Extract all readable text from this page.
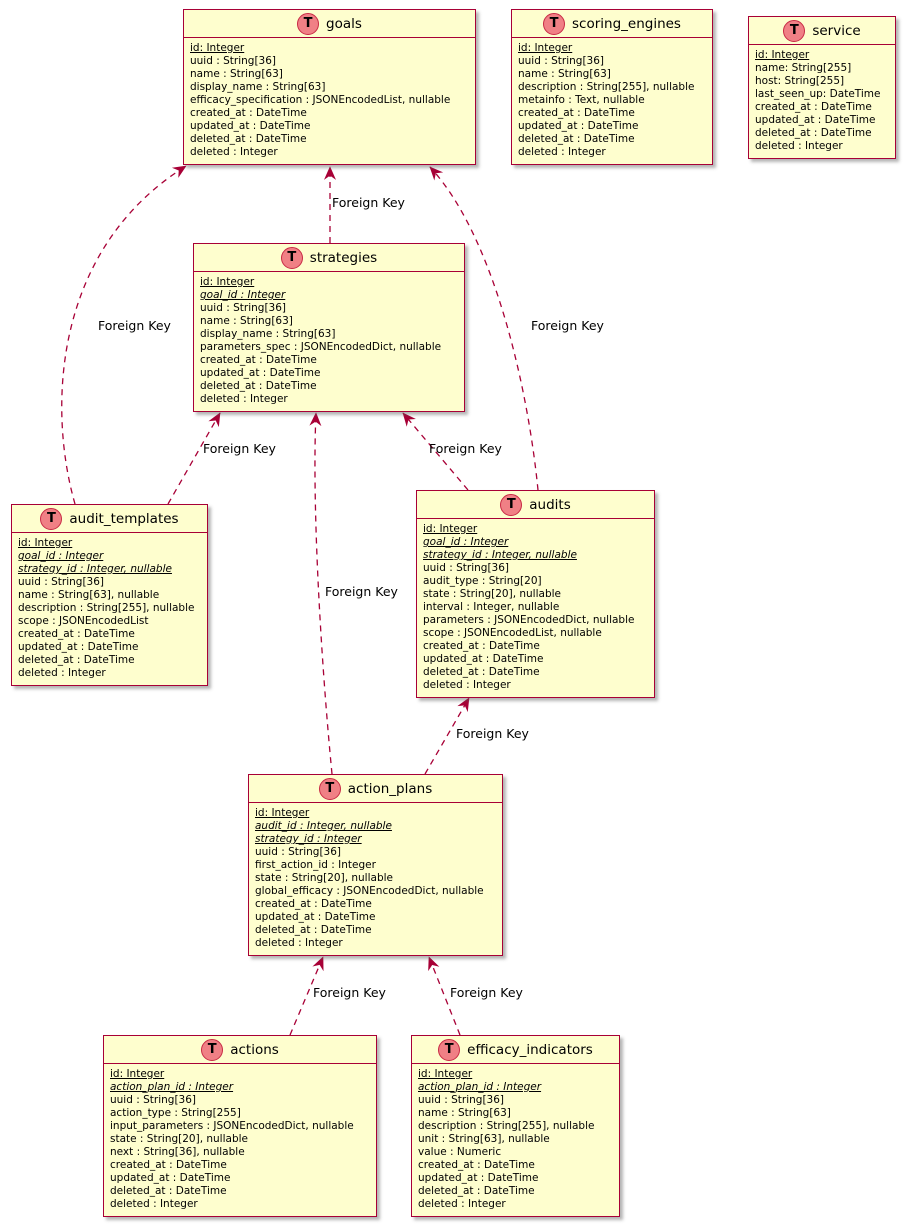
Foreign Key
Foreign Key	Foreign Key
Foreign Key	Foreign Key
Foreign Key
Foreign Key
Foreign Key	Foreign Key
T	goals
id: Integer
uuid : String[36]
name : String[63]
display_name : String[63]
efficacy_specification : JSONEncodedList, nullable
created_at : DateTime
updated_at : DateTime
deleted_at : DateTime
deleted : Integer
T	scoring_engines
id: Integer
uuid : String[36]
name : String[63]
description : String[255], nullable
metainfo : Text, nullable
created_at : DateTime
updated_at : DateTime
deleted_at : DateTime
deleted : Integer
T	service
id: Integer
name: String[255]
host: String[255]
last_seen_up: DateTime
created_at : DateTime
updated_at : DateTime
deleted_at : DateTime
deleted : Integer
T	strategies
id: Integer
goal_id : Integer
uuid : String[36]
name : String[63]
display_name : String[63]
parameters_spec : JSONEncodedDict, nullable
created_at : DateTime
updated_at : DateTime
deleted_at : DateTime
deleted : Integer
T	audit_templates
id: Integer
goal_id : Integer
strategy_id : Integer, nullable
uuid : String[36]
name : String[63], nullable
description : String[255], nullable
scope : JSONEncodedList
created_at : DateTime
updated_at : DateTime
deleted_at : DateTime
deleted : Integer
T	audits
id: Integer
goal_id : Integer
strategy_id : Integer, nullable
uuid : String[36]
audit_type : String[20]
state : String[20], nullable
interval : Integer, nullable
parameters : JSONEncodedDict, nullable
scope : JSONEncodedList, nullable
created_at : DateTime
updated_at : DateTime
deleted_at : DateTime
deleted : Integer
T	action_plans
id: Integer
audit_id : Integer, nullable
strategy_id : Integer
uuid : String[36]
first_action_id : Integer
state : String[20], nullable
global_efficacy : JSONEncodedDict, nullable
created_at : DateTime
updated_at : DateTime
deleted_at : DateTime
deleted : Integer
T	actions
id: Integer
action_plan_id : Integer
uuid : String[36]
action_type : String[255]
input_parameters : JSONEncodedDict, nullable
state : String[20], nullable
next : String[36], nullable
created_at : DateTime
updated_at : DateTime
deleted_at : DateTime
deleted : Integer
T	efficacy_indicators
id: Integer
action_plan_id : Integer
uuid : String[36]
name : String[63]
description : String[255], nullable
unit : String[63], nullable
value : Numeric
created_at : DateTime
updated_at : DateTime
deleted_at : DateTime
deleted : Integer
